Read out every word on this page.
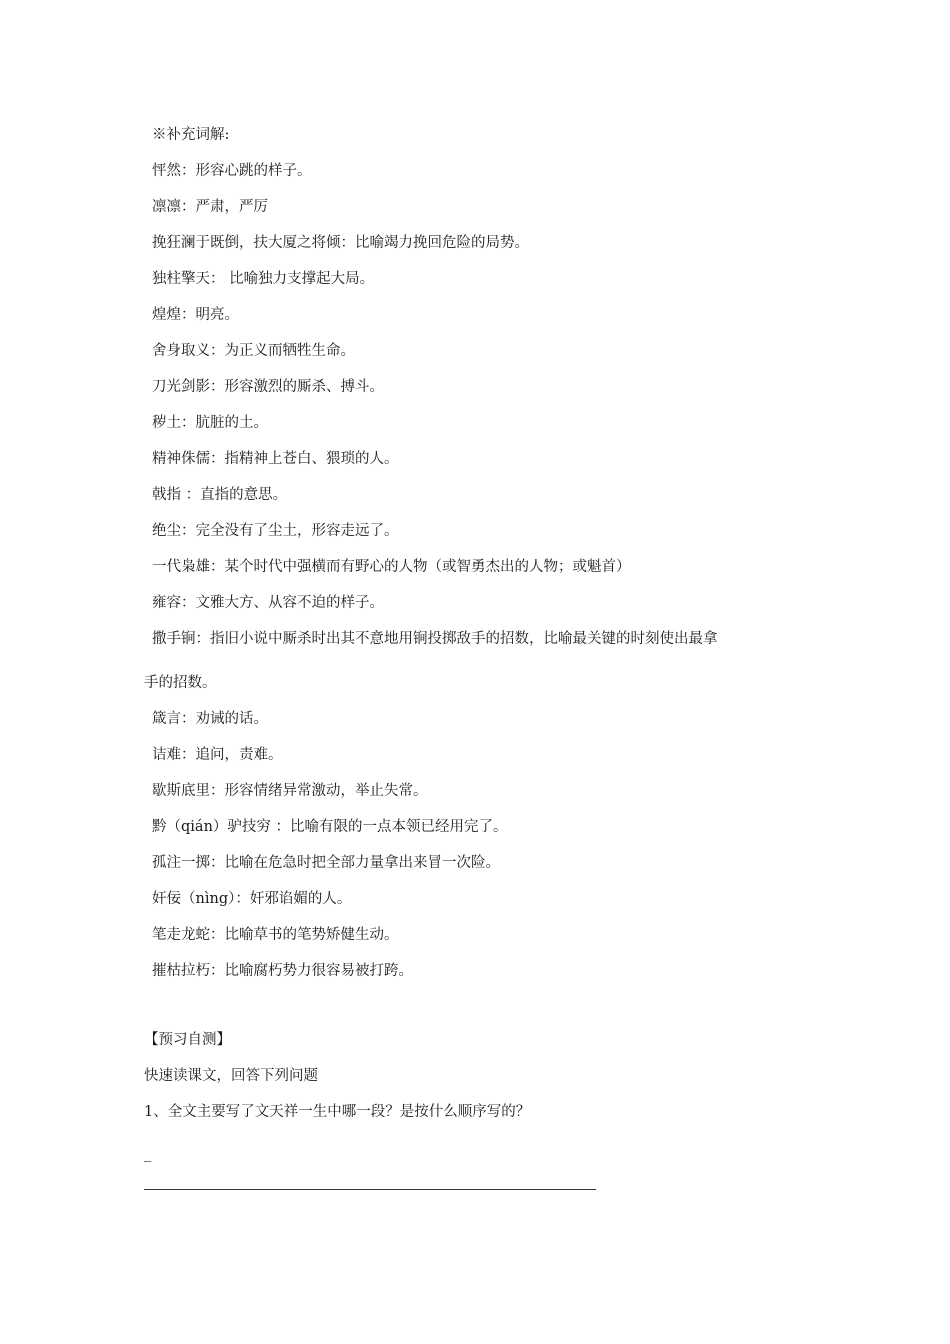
※补充词解:

怦然：形容心跳的样子。

凛凛：严肃，严厉

挽狂澜于既倒，扶大厦之将倾：比喻竭力挽回危险的局势。

独柱擎天： 比喻独力支撑起大局。

煌煌：明亮。

舍身取义：为正义而牺牲生命。

刀光剑影：形容激烈的厮杀、搏斗。

秽土：肮脏的土。

精神侏儒：指精神上苍白、猥琐的人。

戟指 ：直指的意思。

绝尘：完全没有了尘土，形容走远了。

一代枭雄：某个时代中强横而有野心的人物（或智勇杰出的人物；或魁首）

雍容：文雅大方、从容不迫的样子。

撒手锏：指旧小说中厮杀时出其不意地用锏投掷敌手的招数，比喻最关键的时刻使出最拿
手的招数。

箴言：劝诫的话。

诘难：追问，责难。

歇斯底里：形容情绪异常激动，举止失常。

黔（qián）驴技穷 ：比喻有限的一点本领已经用完了。

孤注一掷：比喻在危急时把全部力量拿出来冒一次险。

奸佞（nìng）：奸邪谄媚的人。

笔走龙蛇：比喻草书的笔势矫健生动。

摧枯拉朽：比喻腐朽势力很容易被打跨。

【预习自测】

快速读课文，回答下列问题

1、全文主要写了文天祥一生中哪一段？是按什么顺序写的？

_
